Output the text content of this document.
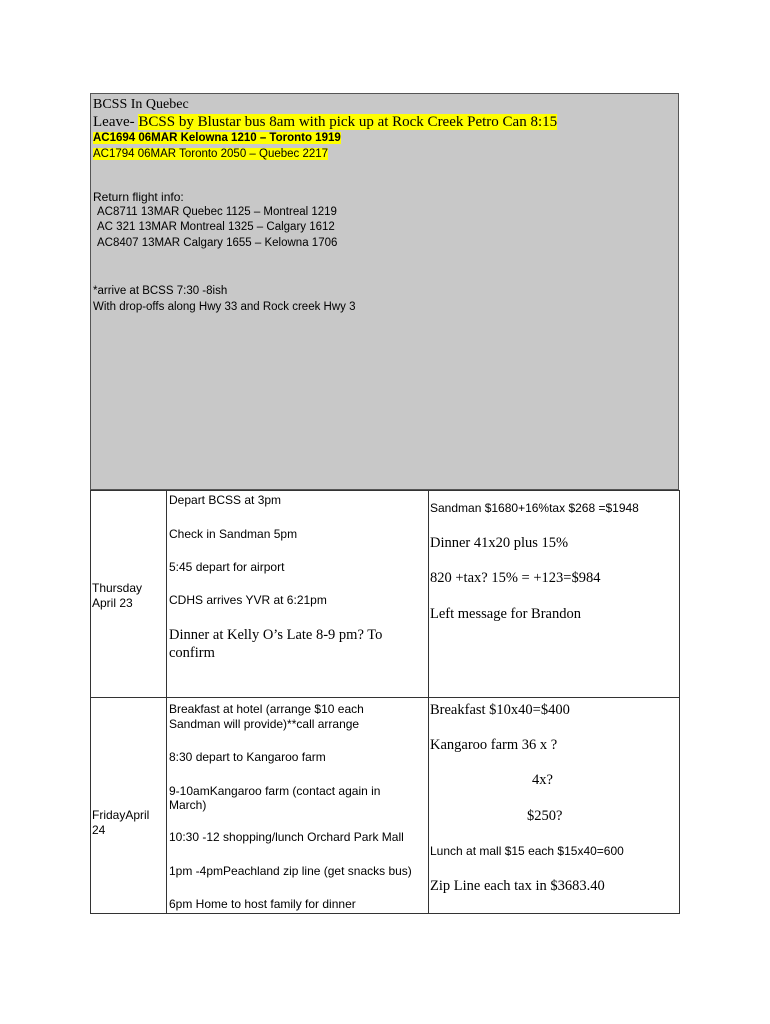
BCSS In Quebec
Leave- BCSS by Blustar bus 8am with pick up at Rock Creek Petro Can 8:15
AC1694 06MAR Kelowna 1210 – Toronto 1919
AC1794 06MAR Toronto 2050 – Quebec 2217
Return flight info:
AC8711 13MAR Quebec 1125 – Montreal 1219
AC 321 13MAR Montreal 1325 – Calgary 1612
AC8407 13MAR Calgary 1655 – Kelowna 1706
*arrive at BCSS 7:30 -8ish
With drop-offs along Hwy 33 and Rock creek Hwy 3
Thursday
April 23
Depart BCSS at 3pm
Check in Sandman 5pm
5:45 depart for airport
CDHS arrives YVR at 6:21pm
Dinner at Kelly O’s Late 8-9 pm? To
confirm
Sandman $1680+16%tax $268 =$1948
Dinner 41x20 plus 15%
820 +tax? 15% = +123=$984
Left message for Brandon
FridayApril
24
Breakfast at hotel (arrange $10 each
Sandman will provide)**call arrange
8:30 depart to Kangaroo farm
9-10amKangaroo farm (contact again in
March)
10:30 -12 shopping/lunch Orchard Park Mall
1pm -4pmPeachland zip line (get snacks bus)
6pm Home to host family for dinner
Breakfast $10x40=$400
Kangaroo farm 36 x ?
4x?
$250?
Lunch at mall $15 each $15x40=600
Zip Line each tax in $3683.40
